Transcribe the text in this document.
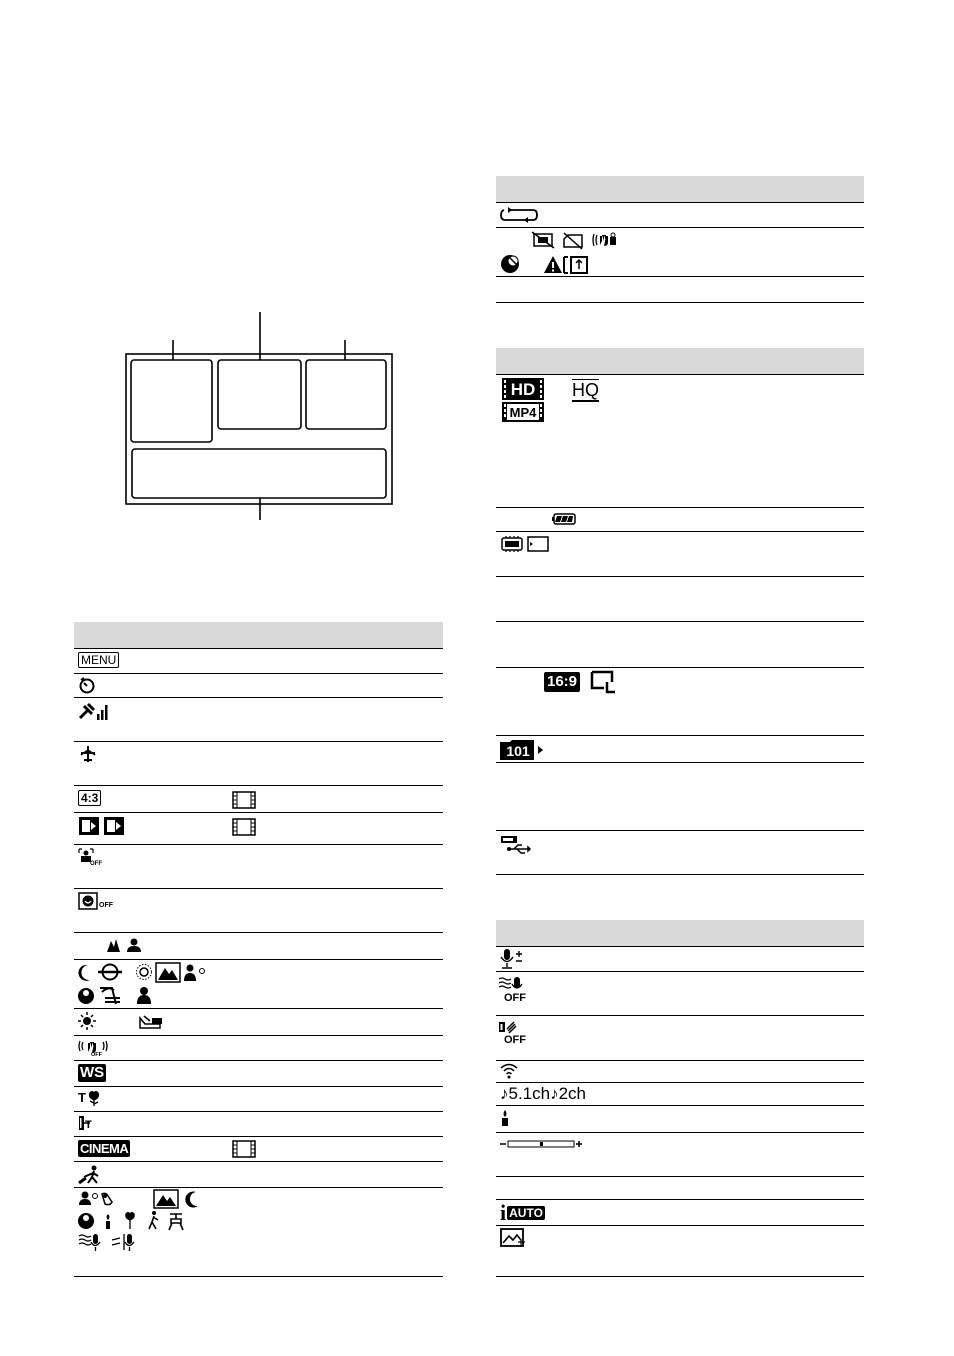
MENU
4:3
OFF
OFF
OFF
WS
T
T
CINEMA
HD HQ
MP4
16:9
101
OFF
OFF
♪5.1ch♪2ch
iAUTO
